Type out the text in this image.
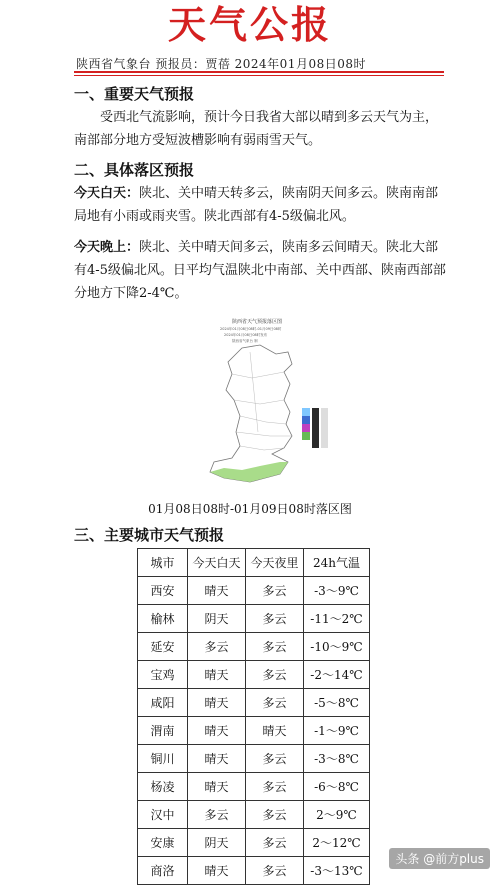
天气公报
陕西省气象台 预报员：贾蓓 2024年01月08日08时
一、重要天气预报

受西北气流影响，预计今日我省大部以晴到多云天气为主，南部部分地方受短波槽影响有弱雨雪天气。

二、具体落区预报

今天白天：陕北、关中晴天转多云，陕南阴天间多云。陕南南部局地有小雨或雨夹雪。陕北西部有4-5级偏北风。

今天晚上：陕北、关中晴天间多云，陕南多云间晴天。陕北大部有4-5级偏北风。日平均气温陕北中南部、关中西部、陕南西部部分地方下降2-4℃。

陕西省天气预报落区图
2024年01月08日08时-01月09日08时
2024年01月08日08时发布
陕西省气象台 制
01月08日08时-01月09日08时落区图
三、主要城市天气预报
城市	今天白天	今天夜里	24h气温
西安	晴天	多云	-3～9℃
榆林	阴天	多云	-11～2℃
延安	多云	多云	-10～9℃
宝鸡	晴天	多云	-2～14℃
咸阳	晴天	多云	-5～8℃
渭南	晴天	晴天	-1～9℃
铜川	晴天	多云	-3～8℃
杨凌	晴天	多云	-6～8℃
汉中	多云	多云	2～9℃
安康	阴天	多云	2～12℃
商洛	晴天	多云	-3～13℃
头条 @前方plus
